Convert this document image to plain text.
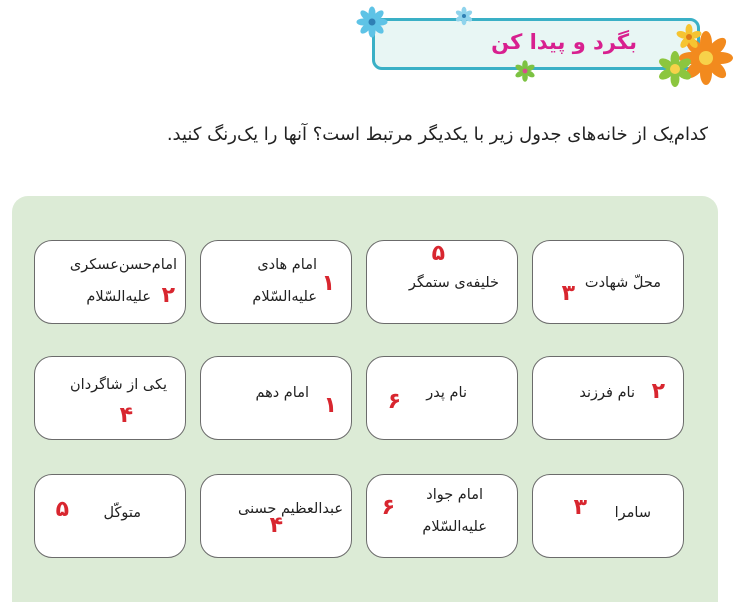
بگرد و پیدا کن
کدام‌یک از خانه‌های جدول زیر با یکدیگر مرتبط است؟ آنها را یک‌رنگ کنید.
محلّ شهادت
۳
۵
خلیفه‌ی ستمگر
امام هادی
علیه‌السّلام
۱
امام‌حسن‌عسکری
علیه‌السّلام ۲
۲
نام فرزند
نام پدر
۶
امام دهم ۱
یکی از شاگردان
۴
سامرا
۳
امام جواد
علیه‌السّلام
۶
عبدالعظیم حسنی
۴
متوکّل
۵
